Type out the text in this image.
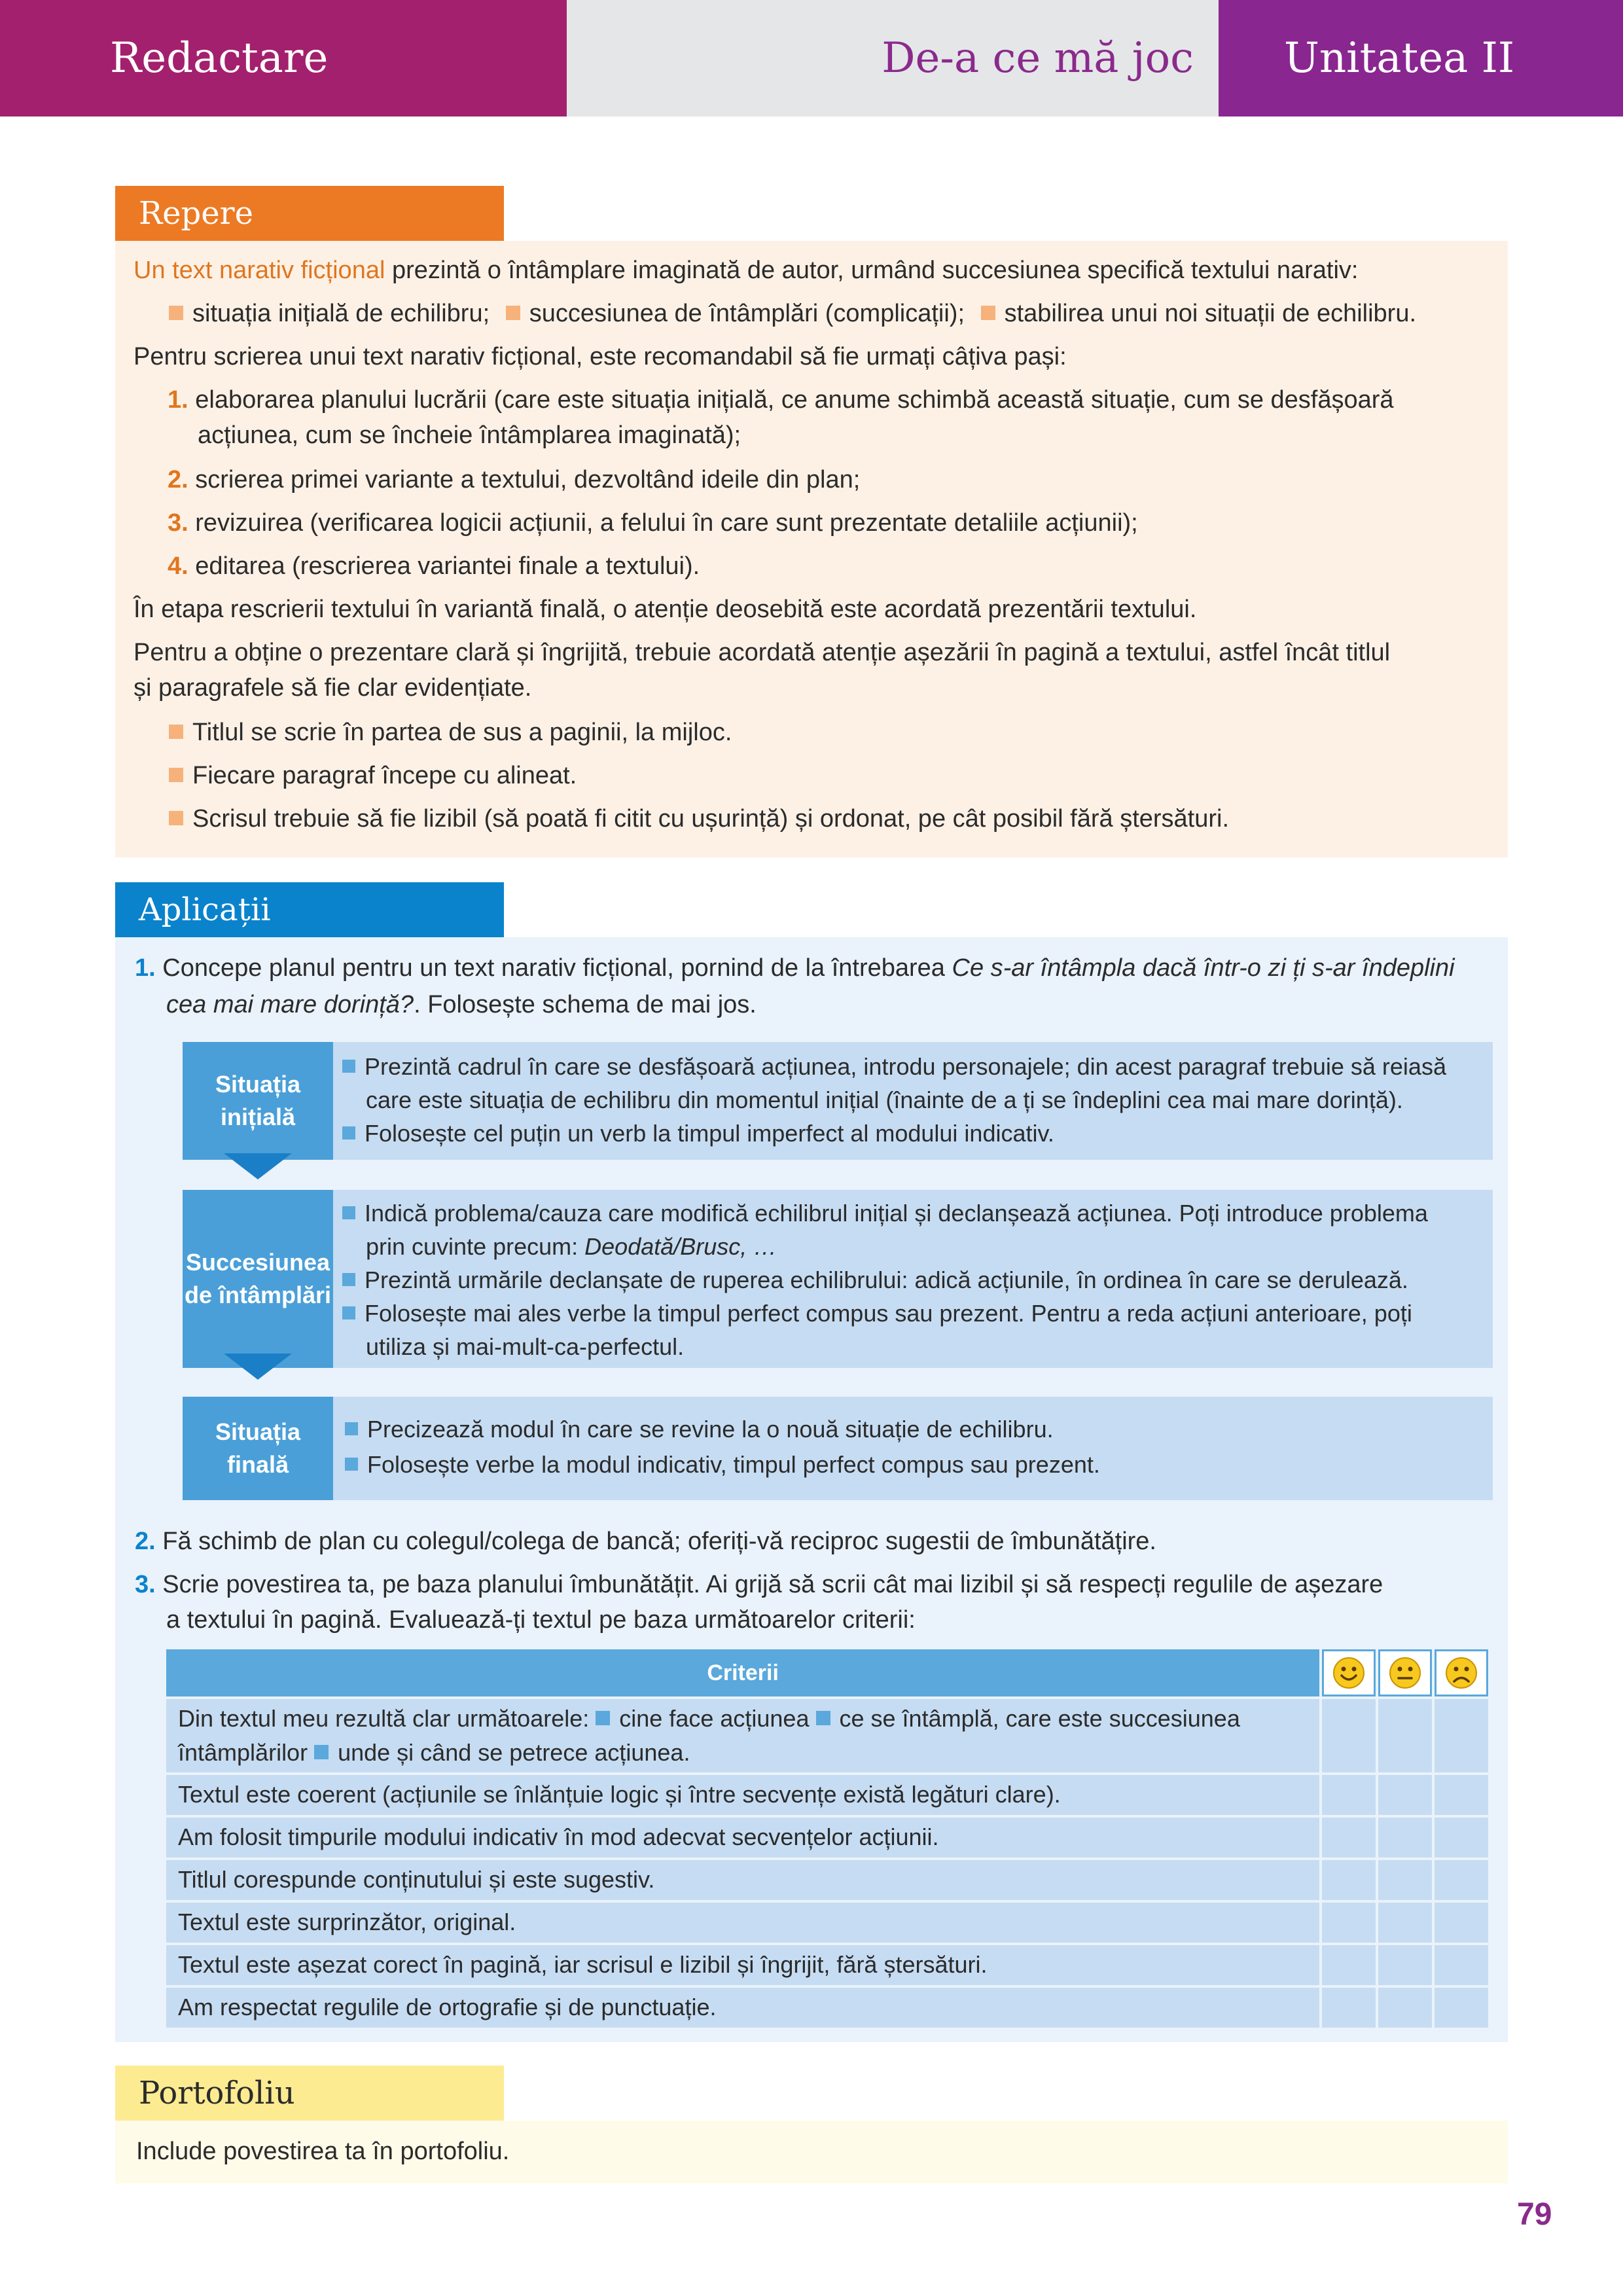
Redactare	De-a ce mă joc	Unitatea II
Repere
Un text narativ ficțional prezintă o întâmplare imaginată de autor, urmând succesiunea specifică textului narativ:
situația inițială de echilibru; succesiunea de întâmplări (complicații); stabilirea unui noi situații de echilibru.
Pentru scrierea unui text narativ ficțional, este recomandabil să fie urmați câțiva pași:
1. elaborarea planului lucrării (care este situația inițială, ce anume schimbă această situație, cum se desfășoară
acțiunea, cum se încheie întâmplarea imaginată);
2. scrierea primei variante a textului, dezvoltând ideile din plan;
3. revizuirea (verificarea logicii acțiunii, a felului în care sunt prezentate detaliile acțiunii);
4. editarea (rescrierea variantei finale a textului).
În etapa rescrierii textului în variantă finală, o atenție deosebită este acordată prezentării textului.
Pentru a obține o prezentare clară și îngrijită, trebuie acordată atenție așezării în pagină a textului, astfel încât titlul
și paragrafele să fie clar evidențiate.
Titlul se scrie în partea de sus a paginii, la mijloc.
Fiecare paragraf începe cu alineat.
Scrisul trebuie să fie lizibil (să poată fi citit cu ușurință) și ordonat, pe cât posibil fără ștersături.
Aplicații
1. Concepe planul pentru un text narativ ficțional, pornind de la întrebarea Ce s-ar întâmpla dacă într-o zi ți s-ar îndeplini
cea mai mare dorință?. Folosește schema de mai jos.
Situația
inițială
Prezintă cadrul în care se desfășoară acțiunea, introdu personajele; din acest paragraf trebuie să reiasă
care este situația de echilibru din momentul inițial (înainte de a ți se îndeplini cea mai mare dorință).
Folosește cel puțin un verb la timpul imperfect al modului indicativ.
Succesiunea
de întâmplări
Indică problema/cauza care modifică echilibrul inițial și declanșează acțiunea. Poți introduce problema
prin cuvinte precum: Deodată/Brusc, …
Prezintă urmările declanșate de ruperea echilibrului: adică acțiunile, în ordinea în care se derulează.
Folosește mai ales verbe la timpul perfect compus sau prezent. Pentru a reda acțiuni anterioare, poți
utiliza și mai-mult-ca-perfectul.
Situația
finală
Precizează modul în care se revine la o nouă situație de echilibru.
Folosește verbe la modul indicativ, timpul perfect compus sau prezent.
2. Fă schimb de plan cu colegul/colega de bancă; oferiți-vă reciproc sugestii de îmbunătățire.
3. Scrie povestirea ta, pe baza planului îmbunătățit. Ai grijă să scrii cât mai lizibil și să respecți regulile de așezare
a textului în pagină. Evaluează-ți textul pe baza următoarelor criterii:
Criterii
Din textul meu rezultă clar următoarele: cine face acțiunea ce se întâmplă, care este succesiunea
întâmplărilor unde și când se petrece acțiunea.
Textul este coerent (acțiunile se înlănțuie logic și între secvențe există legături clare).
Am folosit timpurile modului indicativ în mod adecvat secvențelor acțiunii.
Titlul corespunde conținutului și este sugestiv.
Textul este surprinzător, original.
Textul este așezat corect în pagină, iar scrisul e lizibil și îngrijit, fără ștersături.
Am respectat regulile de ortografie și de punctuație.
Portofoliu
Include povestirea ta în portofoliu.
79
